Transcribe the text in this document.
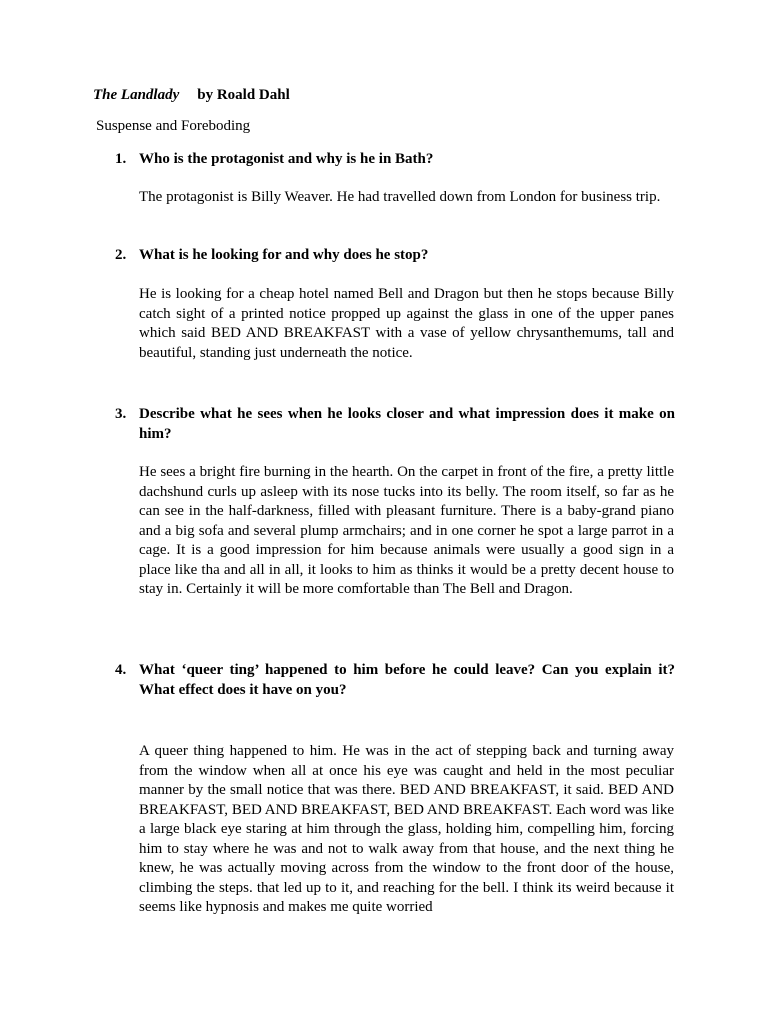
The Landlady by Roald Dahl
Suspense and Foreboding
1. Who is the protagonist and why is he in Bath?
The protagonist is Billy Weaver. He had travelled down from London for business trip.
2. What is he looking for and why does he stop?
He is looking for a cheap hotel named Bell and Dragon but then he stops because Billy catch sight of a printed notice propped up against the glass in one of the upper panes which said BED AND BREAKFAST with a vase of yellow chrysanthemums, tall and beautiful, standing just underneath the notice.
3. Describe what he sees when he looks closer and what impression does it make on him?
He sees a bright fire burning in the hearth. On the carpet in front of the fire, a pretty little dachshund curls up asleep with its nose tucks into its belly. The room itself, so far as he can see in the half-darkness, filled with pleasant furniture. There is a baby-grand piano and a big sofa and several plump armchairs; and in one corner he spot a large parrot in a cage. It is a good impression for him because animals were usually a good sign in a place like tha and all in all, it looks to him as thinks it would be a pretty decent house to stay in. Certainly it will be more comfortable than The Bell and Dragon.
4. What ‘queer ting’ happened to him before he could leave? Can you explain it? What effect does it have on you?
A queer thing happened to him. He was in the act of stepping back and turning away from the window when all at once his eye was caught and held in the most peculiar manner by the small notice that was there. BED AND BREAKFAST, it said. BED AND BREAKFAST, BED AND BREAKFAST, BED AND BREAKFAST. Each word was like a large black eye staring at him through the glass, holding him, compelling him, forcing him to stay where he was and not to walk away from that house, and the next thing he knew, he was actually moving across from the window to the front door of the house, climbing the steps. that led up to it, and reaching for the bell. I think its weird because it seems like hypnosis and makes me quite worried
